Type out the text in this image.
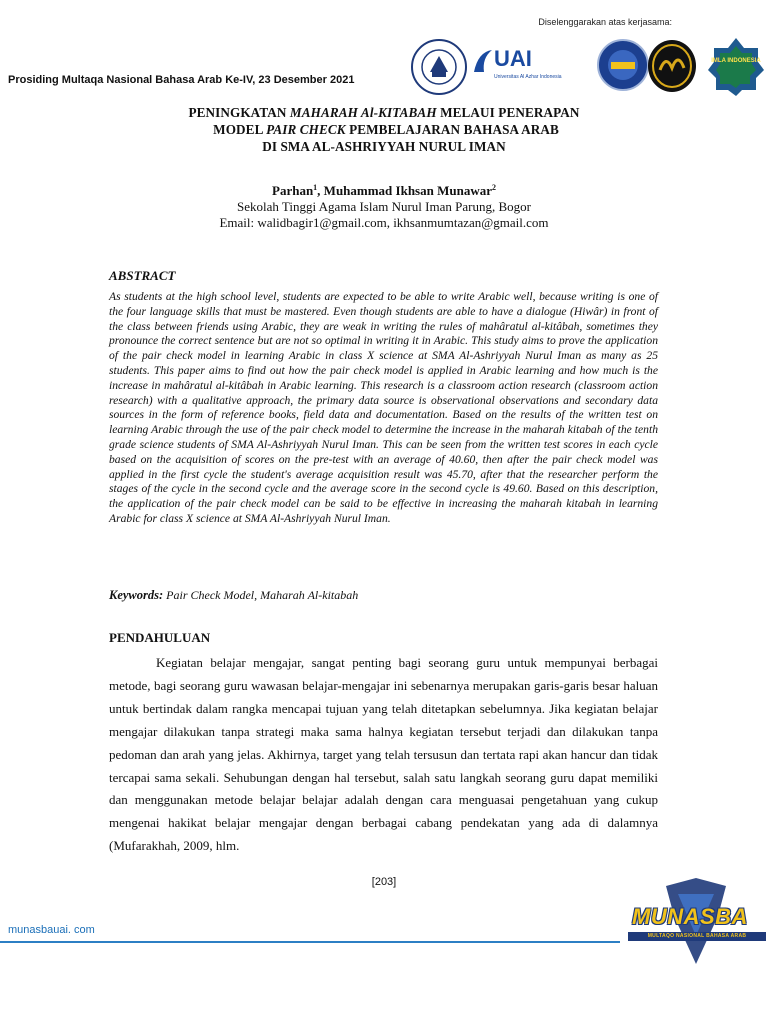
Diselenggarakan atas kerjasama:
Prosiding Multaqa Nasional Bahasa Arab Ke-IV, 23 Desember 2021
UAI
Universitas Al Azhar Indonesia
IMLA INDONESIA
PENINGKATAN MAHARAH Al-KITABAH MELAUI PENERAPAN
MODEL PAIR CHECK PEMBELAJARAN BAHASA ARAB
DI SMA AL-ASHRIYYAH NURUL IMAN
Parhan$^1$, Muhammad Ikhsan Munawar$^2$
Sekolah Tinggi Agama Islam Nurul Iman Parung, Bogor
Email: walidbagir1@gmail.com, ikhsanmumtazan@gmail.com
ABSTRACT
As students at the high school level, students are expected to be able to write Arabic well, because writing is one of the four language skills that must be mastered. Even though students are able to have a dialogue (Hiwâr) in front of the class between friends using Arabic, they are weak in writing the rules of mahâratul al-kitâbah, sometimes they pronounce the correct sentence but are not so optimal in writing it in Arabic. This study aims to prove the application of the pair check model in learning Arabic in class X science at SMA Al-Ashriyyah Nurul Iman as many as 25 students. This paper aims to find out how the pair check model is applied in Arabic learning and how much is the increase in mahâratul al-kitâbah in Arabic learning. This research is a classroom action research (classroom action research) with a qualitative approach, the primary data source is observational observations and secondary data sources in the form of reference books, field data and documentation. Based on the results of the written test on learning Arabic through the use of the pair check model to determine the increase in the maharah kitabah of the tenth grade science students of SMA Al-Ashriyyah Nurul Iman. This can be seen from the written test scores in each cycle based on the acquisition of scores on the pre-test with an average of 40.60, then after the pair check model was applied in the first cycle the student's average acquisition result was 45.70, after that the researcher perform the stages of the cycle in the second cycle and the average score in the second cycle is 49.60. Based on this description, the application of the pair check model can be said to be effective in increasing the maharah kitabah in learning Arabic for class X science at SMA Al-Ashriyyah Nurul Iman.
Keywords: Pair Check Model, Maharah Al-kitabah
PENDAHULUAN
Kegiatan belajar mengajar, sangat penting bagi seorang guru untuk mempunyai berbagai metode, bagi seorang guru wawasan belajar-mengajar ini sebenarnya merupakan garis-garis besar haluan untuk bertindak dalam rangka mencapai tujuan yang telah ditetapkan sebelumnya. Jika kegiatan belajar mengajar dilakukan tanpa strategi maka sama halnya kegiatan tersebut terjadi dan dilakukan tanpa pedoman dan arah yang jelas. Akhirnya, target yang telah tersusun dan tertata rapi akan hancur dan tidak tercapai sama sekali. Sehubungan dengan hal tersebut, salah satu langkah seorang guru dapat memiliki dan menggunakan metode belajar belajar adalah dengan cara menguasai pengetahuan yang cukup mengenai hakikat belajar mengajar dengan berbagai cabang pendekatan yang ada di dalamnya (Mufarakhah, 2009, hlm.
[203]
munasbauai. com
MUNASBA
MULTAQO NASIONAL BAHASA ARAB
